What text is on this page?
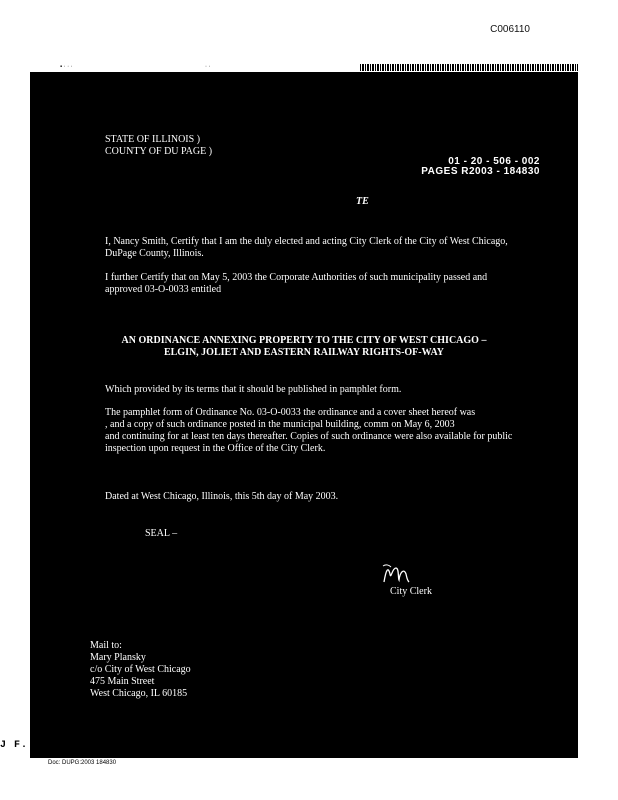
C006110
▪ · · ·	· ·
STATE OF ILLINOIS )
COUNTY OF DU PAGE )
01 - 20 - 506 - 002
PAGES R2003 - 184830
TE
I, Nancy Smith, Certify that I am the duly elected and acting City Clerk of the City of West Chicago,
DuPage County, Illinois.
I further Certify that on May 5, 2003 the Corporate Authorities of such municipality passed and
approved 03-O-0033 entitled
AN ORDINANCE ANNEXING PROPERTY TO THE CITY OF WEST CHICAGO –
ELGIN, JOLIET AND EASTERN RAILWAY RIGHTS-OF-WAY
Which provided by its terms that it should be published in pamphlet form.
The pamphlet form of Ordinance No. 03-O-0033 the ordinance and a cover sheet hereof was
, and a copy of such ordinance posted in the municipal building, comm on May 6, 2003
and continuing for at least ten days thereafter. Copies of such ordinance were also available for public
inspection upon request in the Office of the City Clerk.
Dated at West Chicago, Illinois, this 5th day of May 2003.
SEAL –
City Clerk
Mail to:
Mary Plansky
c/o City of West Chicago
475 Main Street
West Chicago, IL 60185
J F. "Rick" Carney	R2003184830	DuPage County Recorder
Order: 22CNDI18007WH
Doc: DUPG:2003 184830
Page 1 of 8	Requested By: westchicpu087, Printed: 12/2/2022 1:29 AM
